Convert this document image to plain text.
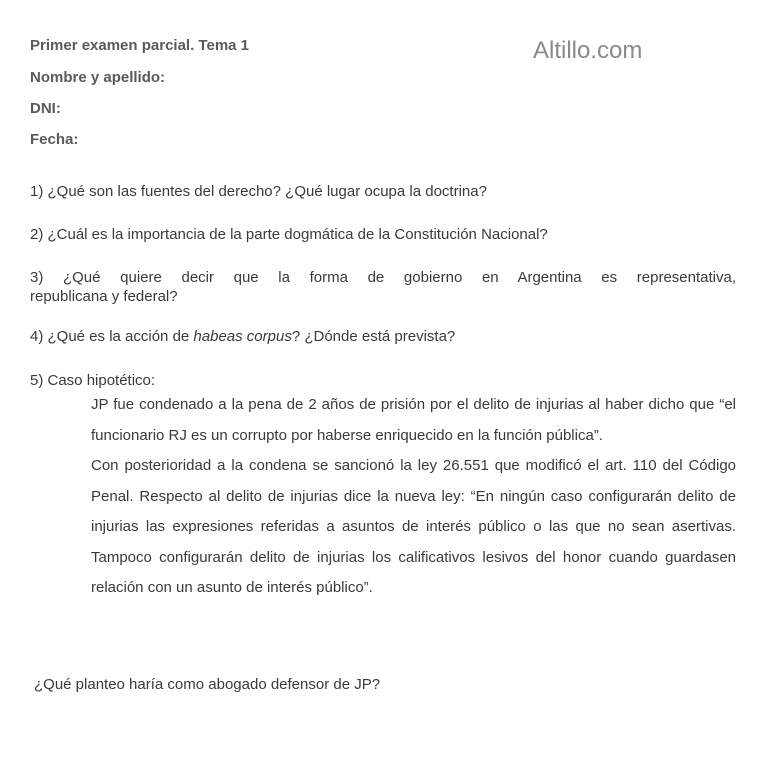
Primer examen parcial. Tema 1	Altillo.com
Nombre y apellido:
DNI:
Fecha:
1) ¿Qué son las fuentes del derecho? ¿Qué lugar ocupa la doctrina?
2) ¿Cuál es la importancia de la parte dogmática de la Constitución Nacional?
3) ¿Qué quiere decir que la forma de gobierno en Argentina es representativa,
republicana y federal?
4) ¿Qué es la acción de habeas corpus? ¿Dónde está prevista?
5) Caso hipotético:

JP fue condenado a la pena de 2 años de prisión por el delito de injurias al haber dicho que “el funcionario RJ es un corrupto por haberse enriquecido en la función pública”.

Con posterioridad a la condena se sancionó la ley 26.551 que modificó el art. 110 del Código Penal. Respecto al delito de injurias dice la nueva ley: “En ningún caso configurarán delito de injurias las expresiones referidas a asuntos de interés público o las que no sean asertivas. Tampoco configurarán delito de injurias los calificativos lesivos del honor cuando guardasen relación con un asunto de interés público”.

¿Qué planteo haría como abogado defensor de JP?
